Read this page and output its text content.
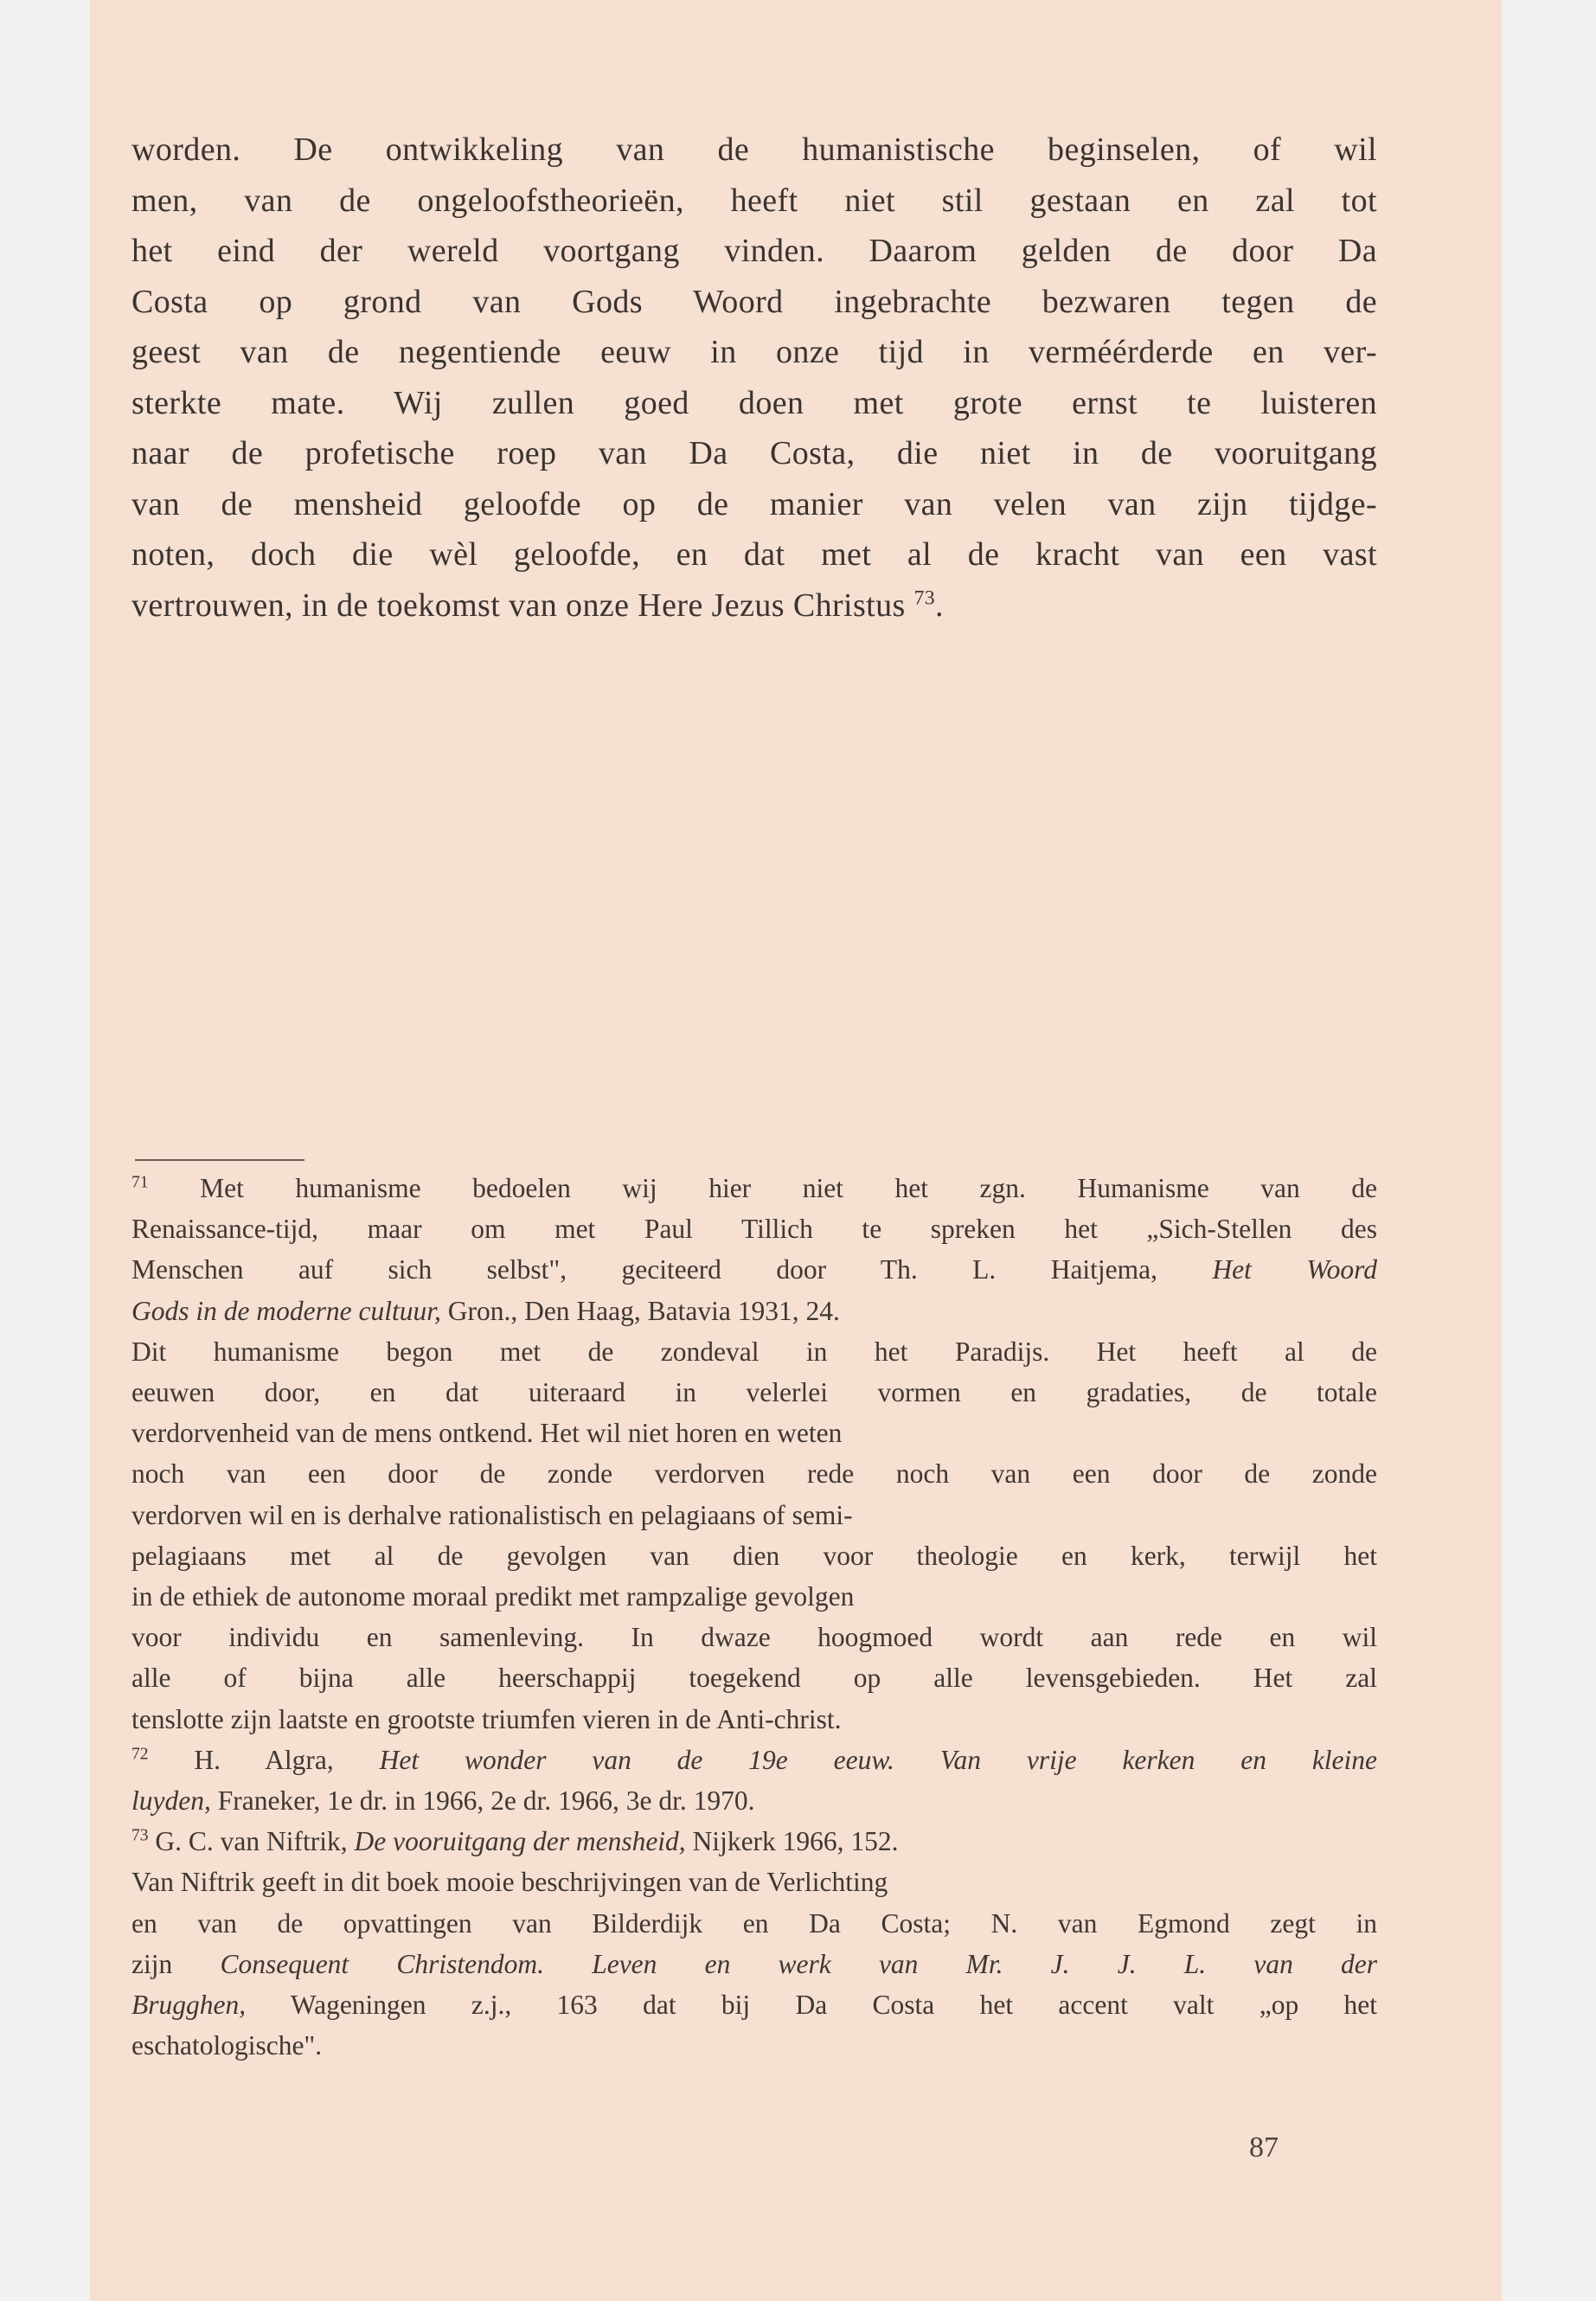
worden. De ontwikkeling van de humanistische beginselen, of wil
men, van de ongeloofstheorieën, heeft niet stil gestaan en zal tot
het eind der wereld voortgang vinden. Daarom gelden de door Da
Costa op grond van Gods Woord ingebrachte bezwaren tegen de
geest van de negentiende eeuw in onze tijd in verméérderde en ver-
sterkte mate. Wij zullen goed doen met grote ernst te luisteren
naar de profetische roep van Da Costa, die niet in de vooruitgang
van de mensheid geloofde op de manier van velen van zijn tijdge-
noten, doch die wèl geloofde, en dat met al de kracht van een vast
vertrouwen, in de toekomst van onze Here Jezus Christus $^{73}$.
$^{71}$ Met humanisme bedoelen wij hier niet het zgn. Humanisme van de
Renaissance-tijd, maar om met Paul Tillich te spreken het „Sich-Stellen des
Menschen auf sich selbst", geciteerd door Th. L. Haitjema, Het Woord
Gods in de moderne cultuur, Gron., Den Haag, Batavia 1931, 24.
Dit humanisme begon met de zondeval in het Paradijs. Het heeft al de
eeuwen door, en dat uiteraard in velerlei vormen en gradaties, de totale
verdorvenheid van de mens ontkend. Het wil niet horen en weten
noch van een door de zonde verdorven rede noch van een door de zonde
verdorven wil en is derhalve rationalistisch en pelagiaans of semi-
pelagiaans met al de gevolgen van dien voor theologie en kerk, terwijl het
in de ethiek de autonome moraal predikt met rampzalige gevolgen
voor individu en samenleving. In dwaze hoogmoed wordt aan rede en wil
alle of bijna alle heerschappij toegekend op alle levensgebieden. Het zal
tenslotte zijn laatste en grootste triumfen vieren in de Anti-christ.
$^{72}$ H. Algra, Het wonder van de 19e eeuw. Van vrije kerken en kleine
luyden, Franeker, 1e dr. in 1966, 2e dr. 1966, 3e dr. 1970.
$^{73}$ G. C. van Niftrik, De vooruitgang der mensheid, Nijkerk 1966, 152.
Van Niftrik geeft in dit boek mooie beschrijvingen van de Verlichting
en van de opvattingen van Bilderdijk en Da Costa; N. van Egmond zegt in
zijn Consequent Christendom. Leven en werk van Mr. J. J. L. van der
Brugghen, Wageningen z.j., 163 dat bij Da Costa het accent valt „op het
eschatologische".
87
